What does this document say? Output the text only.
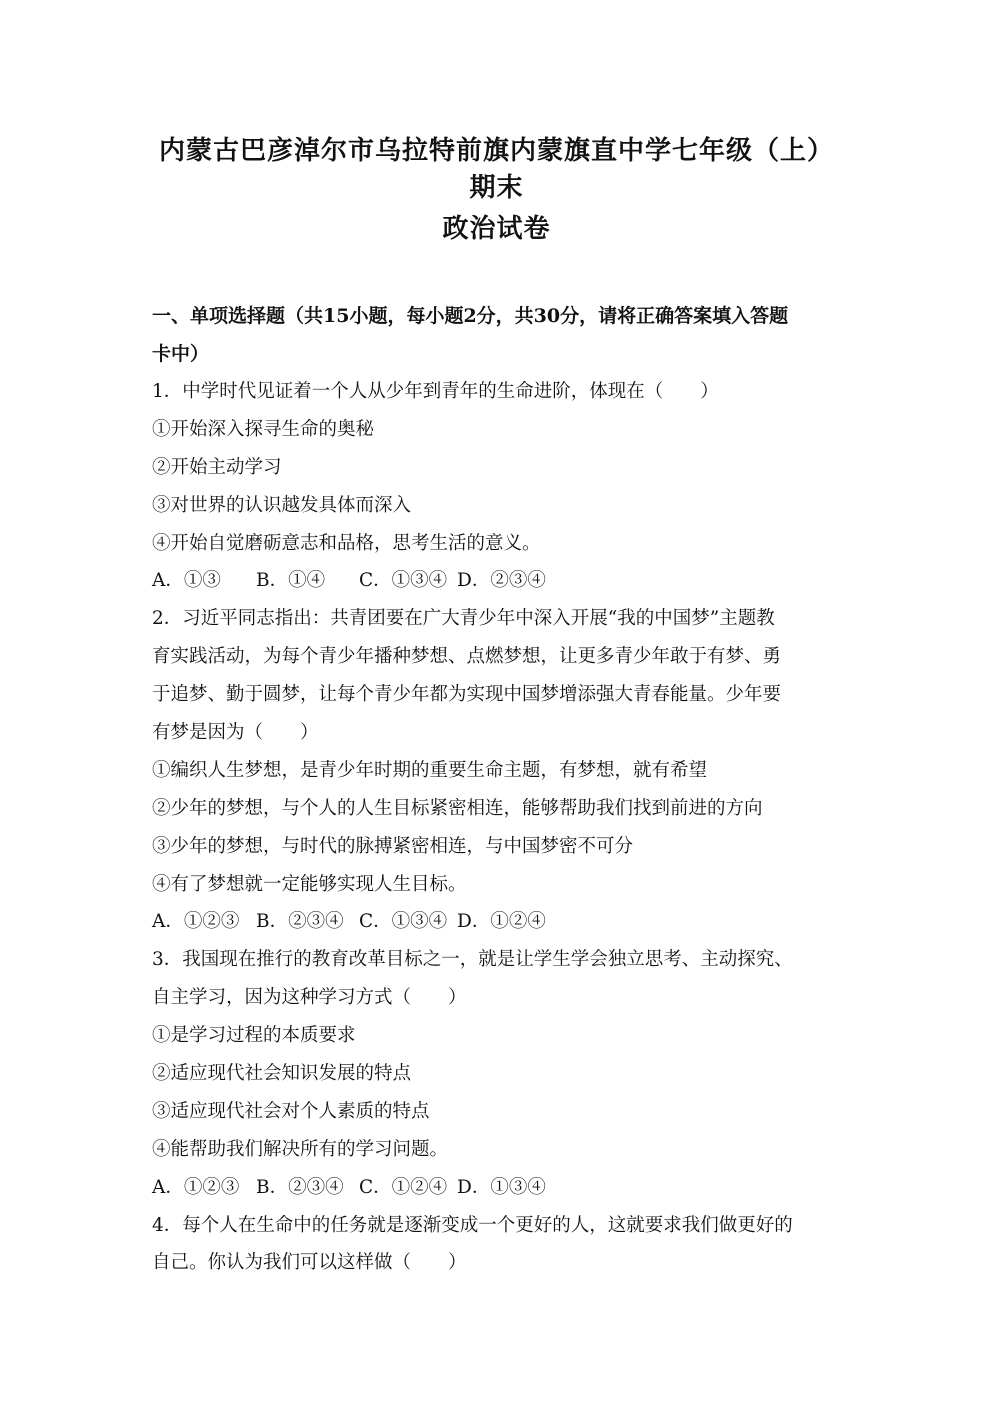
内蒙古巴彦淖尔市乌拉特前旗内蒙旗直中学七年级（上）期末
政治试卷
一、单项选择题（共15小题，每小题2分，共30分，请将正确答案填入答题
卡中）
1．中学时代见证着一个人从少年到青年的生命进阶，体现在（　　）
①开始深入探寻生命的奥秘
②开始主动学习
③对世界的认识越发具体而深入
④开始自觉磨砺意志和品格，思考生活的意义。
A．①③ B．①④ C．①③④ D．②③④
2．习近平同志指出：共青团要在广大青少年中深入开展“我的中国梦”主题教
育实践活动，为每个青少年播种梦想、点燃梦想，让更多青少年敢于有梦、勇
于追梦、勤于圆梦，让每个青少年都为实现中国梦增添强大青春能量。少年要
有梦是因为（　　）
①编织人生梦想，是青少年时期的重要生命主题，有梦想，就有希望
②少年的梦想，与个人的人生目标紧密相连，能够帮助我们找到前进的方向
③少年的梦想，与时代的脉搏紧密相连，与中国梦密不可分
④有了梦想就一定能够实现人生目标。
A．①②③ B．②③④ C．①③④ D．①②④
3．我国现在推行的教育改革目标之一，就是让学生学会独立思考、主动探究、
自主学习，因为这种学习方式（　　）
①是学习过程的本质要求
②适应现代社会知识发展的特点
③适应现代社会对个人素质的特点
④能帮助我们解决所有的学习问题。
A．①②③ B．②③④ C．①②④ D．①③④
4．每个人在生命中的任务就是逐渐变成一个更好的人，这就要求我们做更好的
自己。你认为我们可以这样做（　　）
